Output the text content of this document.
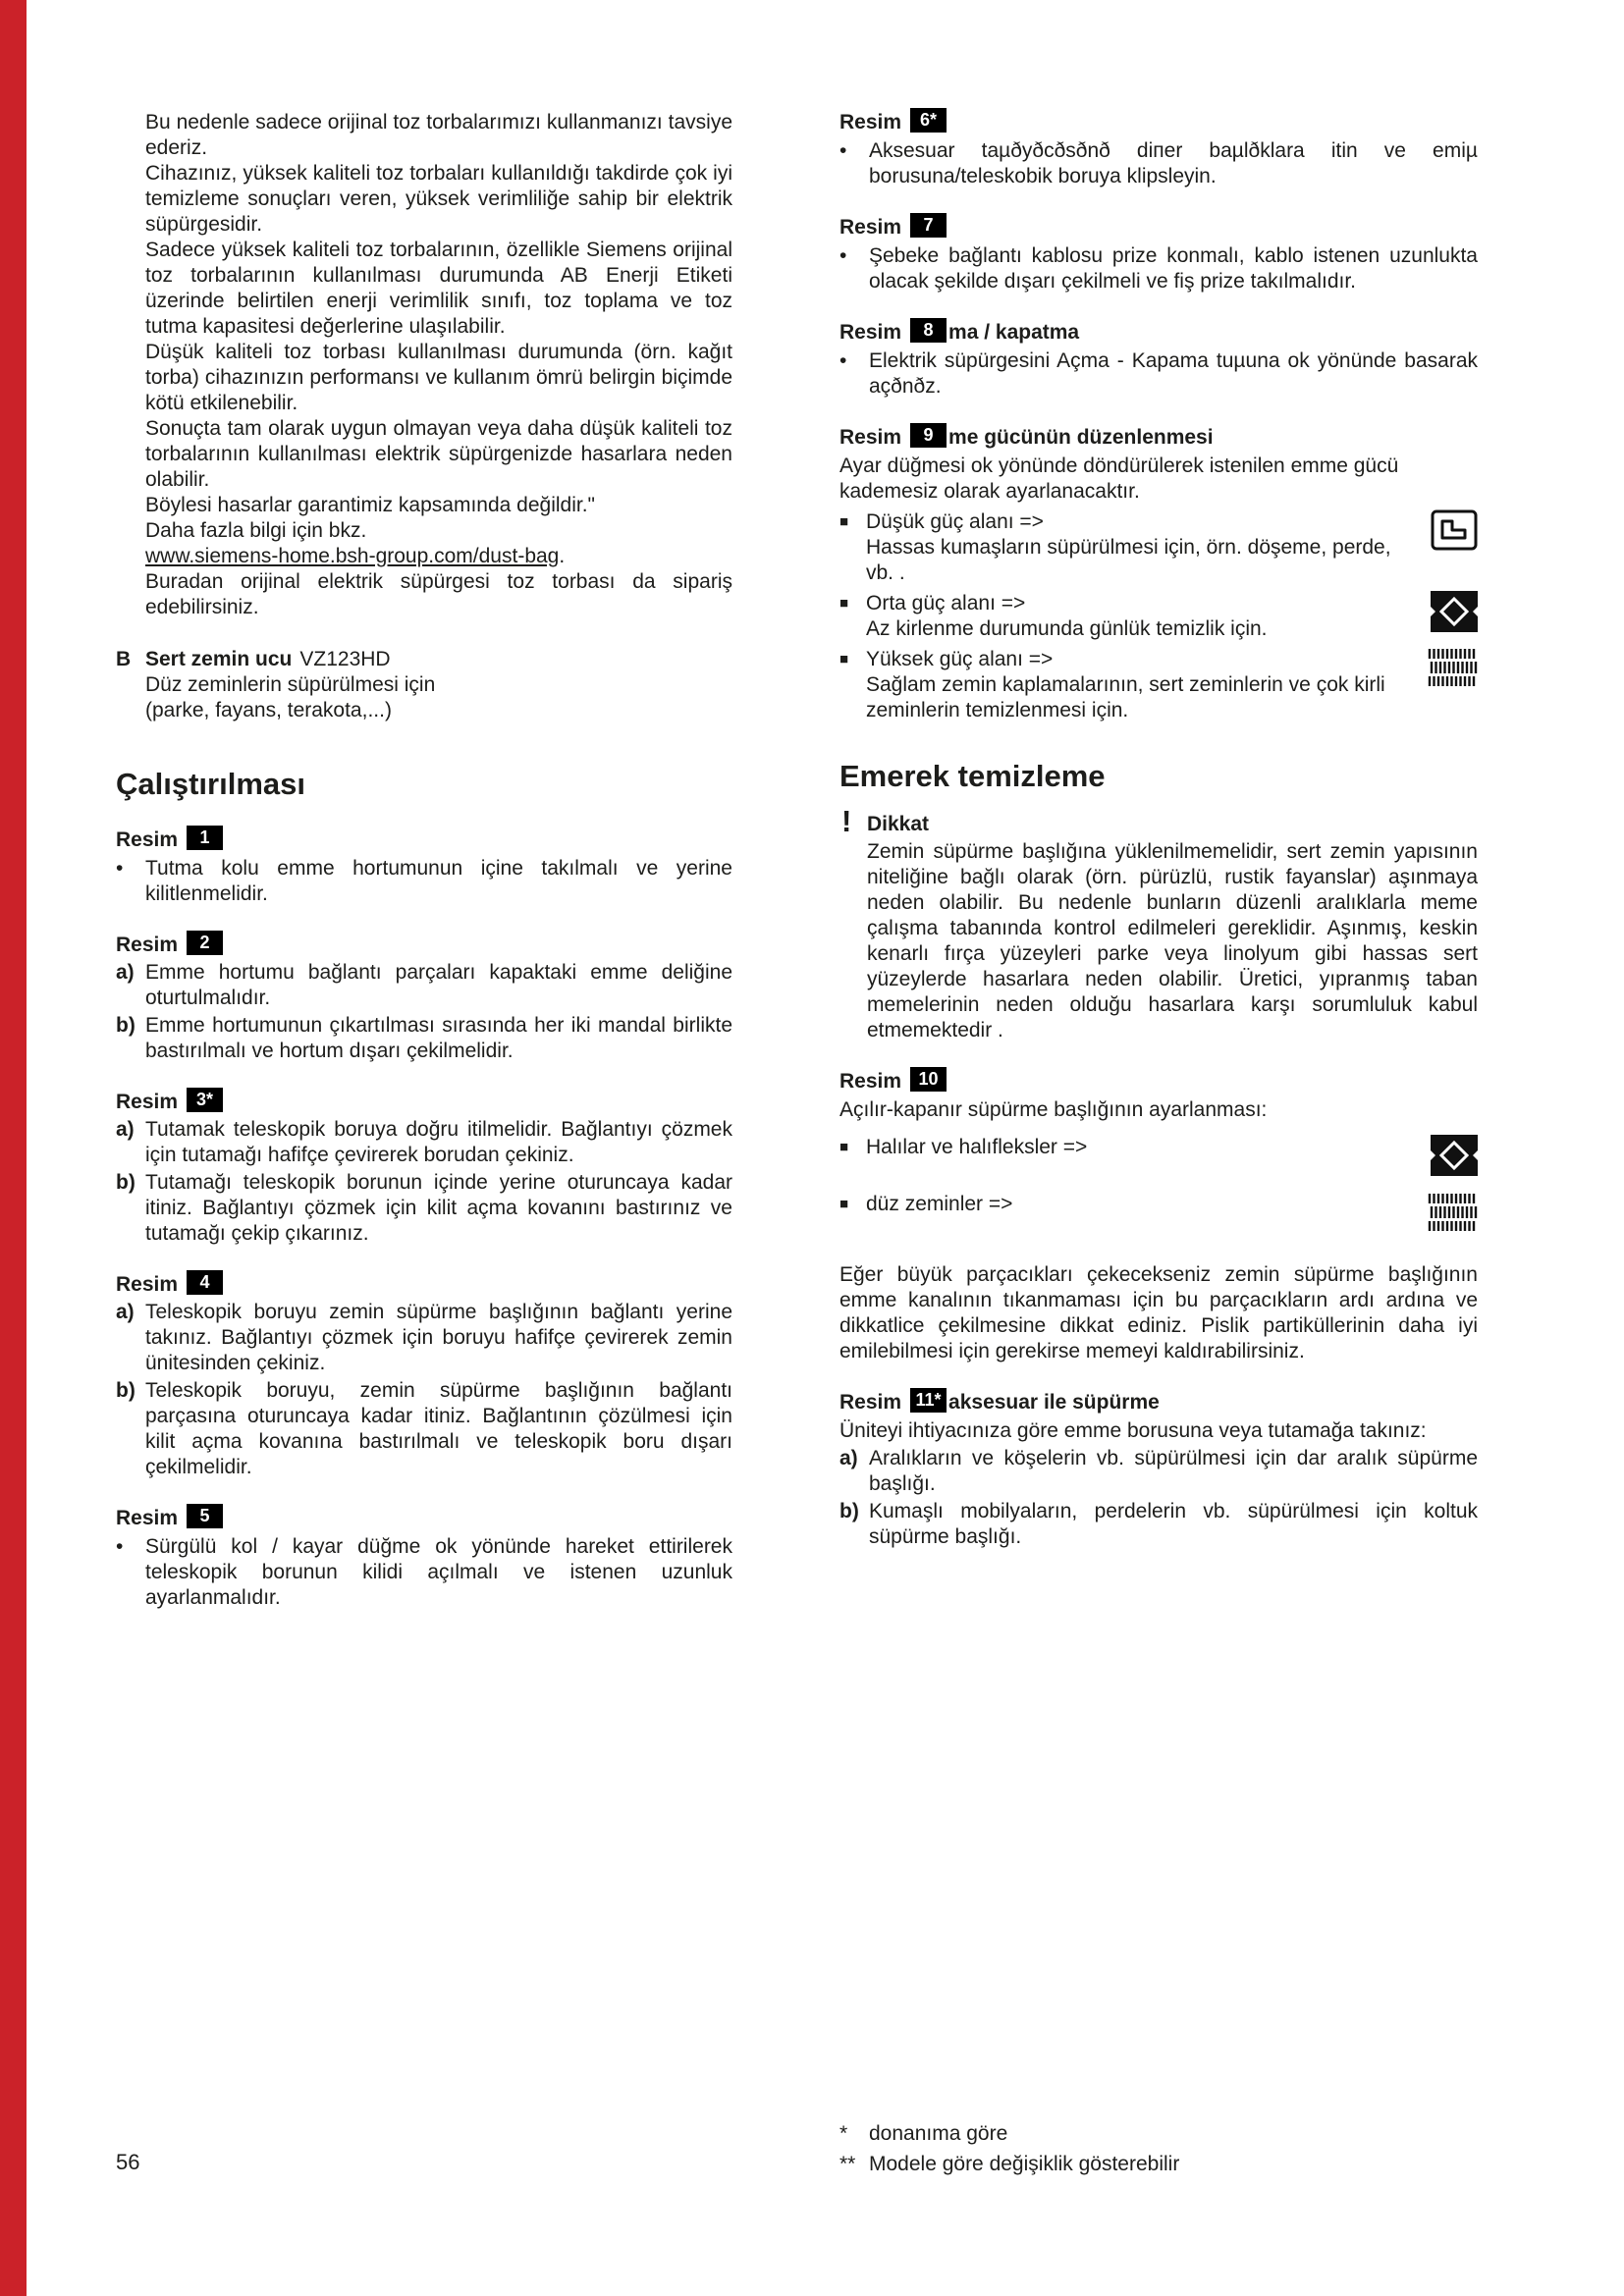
Bu nedenle sadece orijinal toz torbalarımızı kullanmanızı tavsiye ederiz.

Cihazınız, yüksek kaliteli toz torbaları kullanıldığı takdirde çok iyi temizleme sonuçları veren, yüksek verimliliğe sahip bir elektrik süpürgesidir.

Sadece yüksek kaliteli toz torbalarının, özellikle Siemens orijinal toz torbalarının kullanılması durumunda AB Enerji Etiketi üzerinde belirtilen enerji verimlilik sınıfı, toz toplama ve toz tutma kapasitesi değerlerine ulaşılabilir.

Düşük kaliteli toz torbası kullanılması durumunda (örn. kağıt torba) cihazınızın performansı ve kullanım ömrü belirgin biçimde kötü etkilenebilir.

Sonuçta tam olarak uygun olmayan veya daha düşük kaliteli toz torbalarının kullanılması elektrik süpürgenizde hasarlara neden olabilir.

Böylesi hasarlar garantimiz kapsamında değildir."

Daha fazla bilgi için bkz.

www.siemens-home.bsh-group.com/dust-bag.

Buradan orijinal elektrik süpürgesi toz torbası da sipariş edebilirsiniz.

B Sert zemin ucu VZ123HD

Düz zeminlerin süpürülmesi için

(parke, fayans, terakota,...)

Çalıştırılması

Resim 1

•	Tutma kolu emme hortumunun içine takılmalı ve yerine kilitlenmelidir.

Resim 2

a) Emme hortumu bağlantı parçaları kapaktaki emme deliğine oturtulmalıdır.

b) Emme hortumunun çıkartılması sırasında her iki mandal birlikte bastırılmalı ve hortum dışarı çekilmelidir.

Resim 3*

a) Tutamak teleskopik boruya doğru itilmelidir. Bağlantıyı çözmek için tutamağı hafifçe çevirerek borudan çekiniz.

b) Tutamağı teleskopik borunun içinde yerine oturuncaya kadar itiniz. Bağlantıyı çözmek için kilit açma kovanını bastırınız ve tutamağı çekip çıkarınız.

Resim 4

a) Teleskopik boruyu zemin süpürme başlığının bağlantı yerine takınız. Bağlantıyı çözmek için boruyu hafifçe çevirerek zemin ünitesinden çekiniz.

b) Teleskopik boruyu, zemin süpürme başlığının bağlantı parçasına oturuncaya kadar itiniz. Bağlantının çözülmesi için kilit açma kovanına bastırılmalı ve teleskopik boru dışarı çekilmelidir.

Resim 5

•	Sürgülü kol / kayar düğme ok yönünde hareket ettirilerek teleskopik borunun kilidi açılmalı ve istenen uzunluk ayarlanmalıdır.

Resim 6*

•	Aksesuar taµðyðcðsðnð diпer baµlðklara itin ve emiµ borusuna/teleskobik boruya klipsleyin.

Resim 7

•	Şebeke bağlantı kablosu prize konmalı, kablo istenen uzunlukta olacak şekilde dışarı çekilmeli ve fiş prize takılmalıdır.

Resim 8 ma / kapatma

•	Elektrik süpürgesini Açma - Kapama tuµuna ok yönünde basarak açðnðz.

Resim 9 me gücünün düzenlenmesi

Ayar düğmesi ok yönünde döndürülerek istenilen emme gücü kademesiz olarak ayarlanacaktır.

■ Düşük güç alanı =>

Hassas kumaşların süpürülmesi için, örn. döşeme, perde, vb. .

■ Orta güç alanı =>

Az kirlenme durumunda günlük temizlik için.

■ Yüksek güç alanı =>

Sağlam zemin kaplamalarının, sert zeminlerin ve çok kirli zeminlerin temizlenmesi için.

Emerek temizleme
! Dikkat

Zemin süpürme başlığına yüklenilmemelidir, sert zemin yapısının niteliğine bağlı olarak (örn. pürüzlü, rustik fayanslar) aşınmaya neden olabilir. Bu nedenle bunların düzenli aralıklarla meme çalışma tabanında kontrol edilmeleri gereklidir. Aşınmış, keskin kenarlı fırça yüzeyleri parke veya linolyum gibi hassas sert yüzeylerde hasarlara neden olabilir. Üretici, yıpranmış taban memelerinin neden olduğu hasarlara karşı sorumluluk kabul etmemektedir .

Resim 10

Açılır-kapanır süpürme başlığının ayarlanması:

■ Halılar ve halıfleksler =>

■ düz zeminler =>

Eğer büyük parçacıkları çekecekseniz zemin süpürme başlığının emme kanalının tıkanmaması için bu parçacıkların ardı ardına ve dikkatlice çekilmesine dikkat ediniz. Pislik partiküllerinin daha iyi emilebilmesi için gerekirse memeyi kaldırabilirsiniz.

Resim 11* aksesuar ile süpürme

Üniteyi ihtiyacınıza göre emme borusuna veya tutamağa takınız:

a) Aralıkların ve köşelerin vb. süpürülmesi için dar aralık süpürme başlığı.

b) Kumaşlı mobilyaların, perdelerin vb. süpürülmesi için koltuk süpürme başlığı.

* donanıma göre

** Modele göre değişiklik gösterebilir

56
